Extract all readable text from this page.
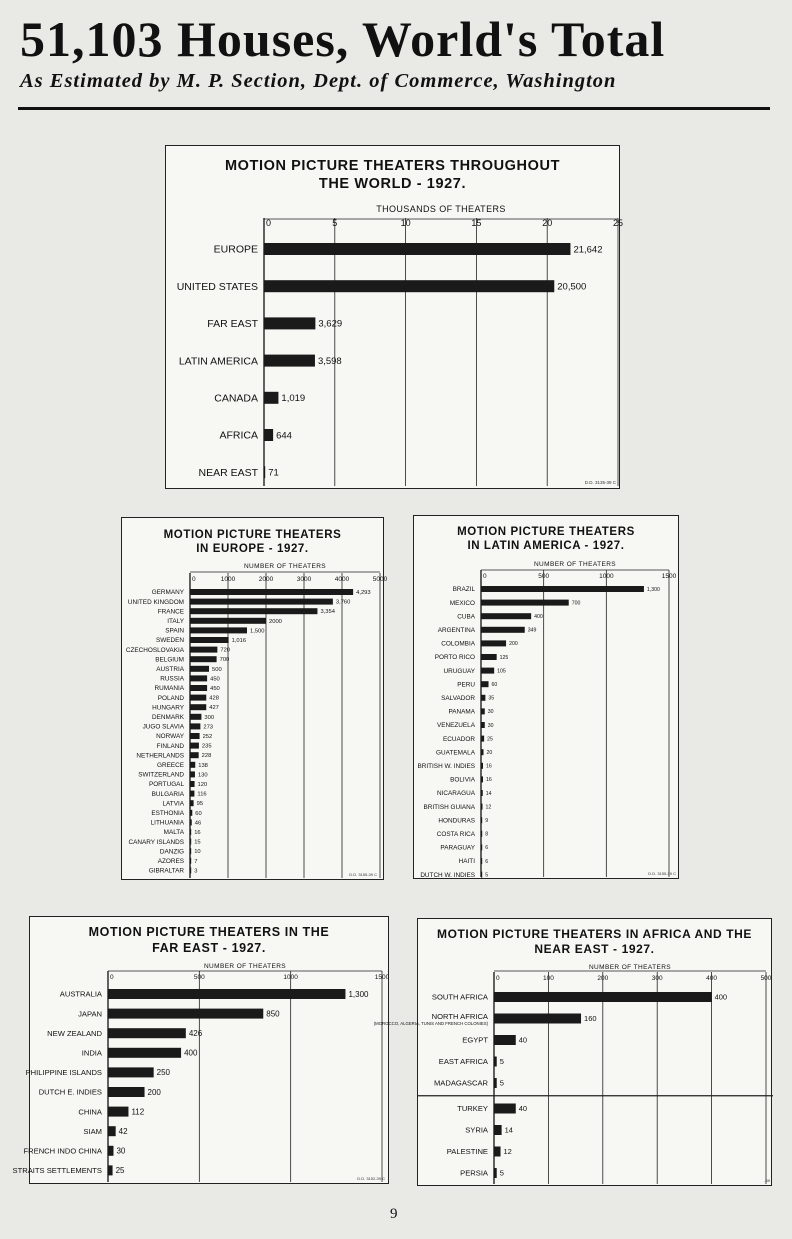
51,103 Houses, World's Total
As Estimated by M. P. Section, Dept. of Commerce, Washington
MOTION PICTURE THEATERS THROUGHOUT
THE WORLD - 1927.
THOUSANDS OF THEATERS
0	5	10	15	20	25
EUROPE	21,642
UNITED STATES	20,500
FAR EAST	3,629
LATIN AMERICA	3,598
CANADA 1,019
AFRICA 644
NEAR EAST 71
D.D. 3135-39 C
MOTION PICTURE THEATERS
IN EUROPE - 1927.
NUMBER OF THEATERS
0	1000	2000	3000	4000	5000
GERMANY	4,293
UNITED KINGDOM	3,760
FRANCE	3,354
ITALY	2000
SPAIN	1,500
SWEDEN	1,016
CZECHOSLOVAKIA	720
BELGIUM	700
AUSTRIA	500
RUSSIA	450
RUMANIA	450
POLAND	428
HUNGARY	427
DENMARK	300
JUGO SLAVIA	273
NORWAY	252
FINLAND	235
NETHERLANDS	228
GREECE 138
SWITZERLAND 130
PORTUGAL 120
BULGARIA 116
LATVIA 95
ESTHONIA 60
LITHUANIA 46
MALTA 16
CANARY ISLANDS 15
DANZIG 10
AZORES 7
GIBRALTAR 3
D.D. 3155-39 C
MOTION PICTURE THEATERS
IN LATIN AMERICA - 1927.
NUMBER OF THEATERS
0	500	1000	1500
BRAZIL	1,300
MEXICO	700
CUBA	400
ARGENTINA	349
COLOMBIA	200
PORTO RICO	125
URUGUAY	105
PERU	60
SALVADOR	35
PANAMA 30
VENEZUELA 30
ECUADOR 25
GUATEMALA 20
BRITISH W. INDIES 16
BOLIVIA 16
NICARAGUA 14
BRITISH GUIANA 12
HONDURAS 9
COSTA RICA 8
PARAGUAY 6
HAITI 6
DUTCH W. INDIES 5	D.D. 3155-39 C
MOTION PICTURE THEATERS IN THE
FAR EAST - 1927.
NUMBER OF THEATERS
0	500	1000	1500
AUSTRALIA	1,300
JAPAN	850
NEW ZEALAND	426
INDIA	400
PHILIPPINE ISLANDS	250
DUTCH E. INDIES	200
CHINA	112
SIAM 42
FRENCH INDO CHINA 30
STRAITS SETTLEMENTS 25
D.D. 3152-39 C
MOTION PICTURE THEATERS IN AFRICA AND THE
NEAR EAST - 1927.
NUMBER OF THEATERS
0	100	200	300	400	500
SOUTH AFRICA	400
NORTH AFRICA
(MOROCCO, ALGERIA, TUNIS AND FRENCH COLONIES)
160
EGYPT	40
EAST AFRICA 5
MADAGASCAR 5
TURKEY	40
SYRIA 14
PALESTINE 12
PERSIA 5
-39
9
